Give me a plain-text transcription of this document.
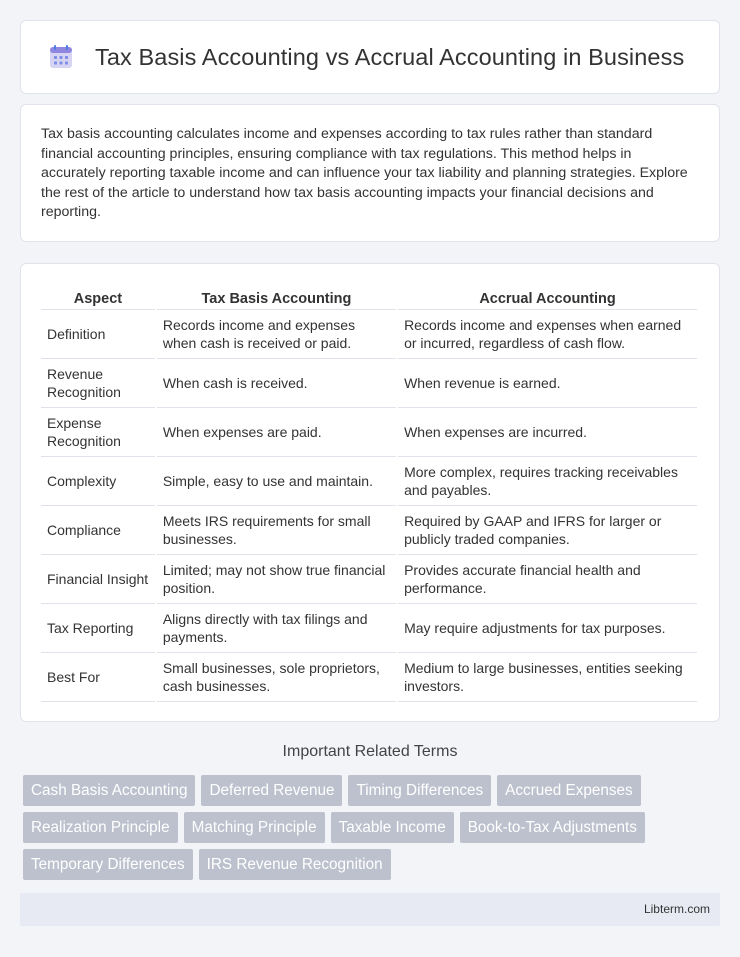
Tax Basis Accounting vs Accrual Accounting in Business

Tax basis accounting calculates income and expenses according to tax rules rather than standard financial accounting principles, ensuring compliance with tax regulations. This method helps in accurately reporting taxable income and can influence your tax liability and planning strategies. Explore the rest of the article to understand how tax basis accounting impacts your financial decisions and reporting.

Aspect	Tax Basis Accounting	Accrual Accounting
Definition	Records income and expenses when cash is received or paid.	Records income and expenses when earned or incurred, regardless of cash flow.
Revenue Recognition	When cash is received.	When revenue is earned.
Expense Recognition	When expenses are paid.	When expenses are incurred.
Complexity	Simple, easy to use and maintain.	More complex, requires tracking receivables and payables.
Compliance	Meets IRS requirements for small businesses.	Required by GAAP and IFRS for larger or publicly traded companies.
Financial Insight	Limited; may not show true financial position.	Provides accurate financial health and performance.
Tax Reporting	Aligns directly with tax filings and payments.	May require adjustments for tax purposes.
Best For	Small businesses, sole proprietors, cash businesses.	Medium to large businesses, entities seeking investors.
Important Related Terms
Cash Basis Accounting	Deferred Revenue	Timing Differences	Accrued Expenses
Realization Principle	Matching Principle	Taxable Income	Book-to-Tax Adjustments
Temporary Differences	IRS Revenue Recognition
Libterm.com
